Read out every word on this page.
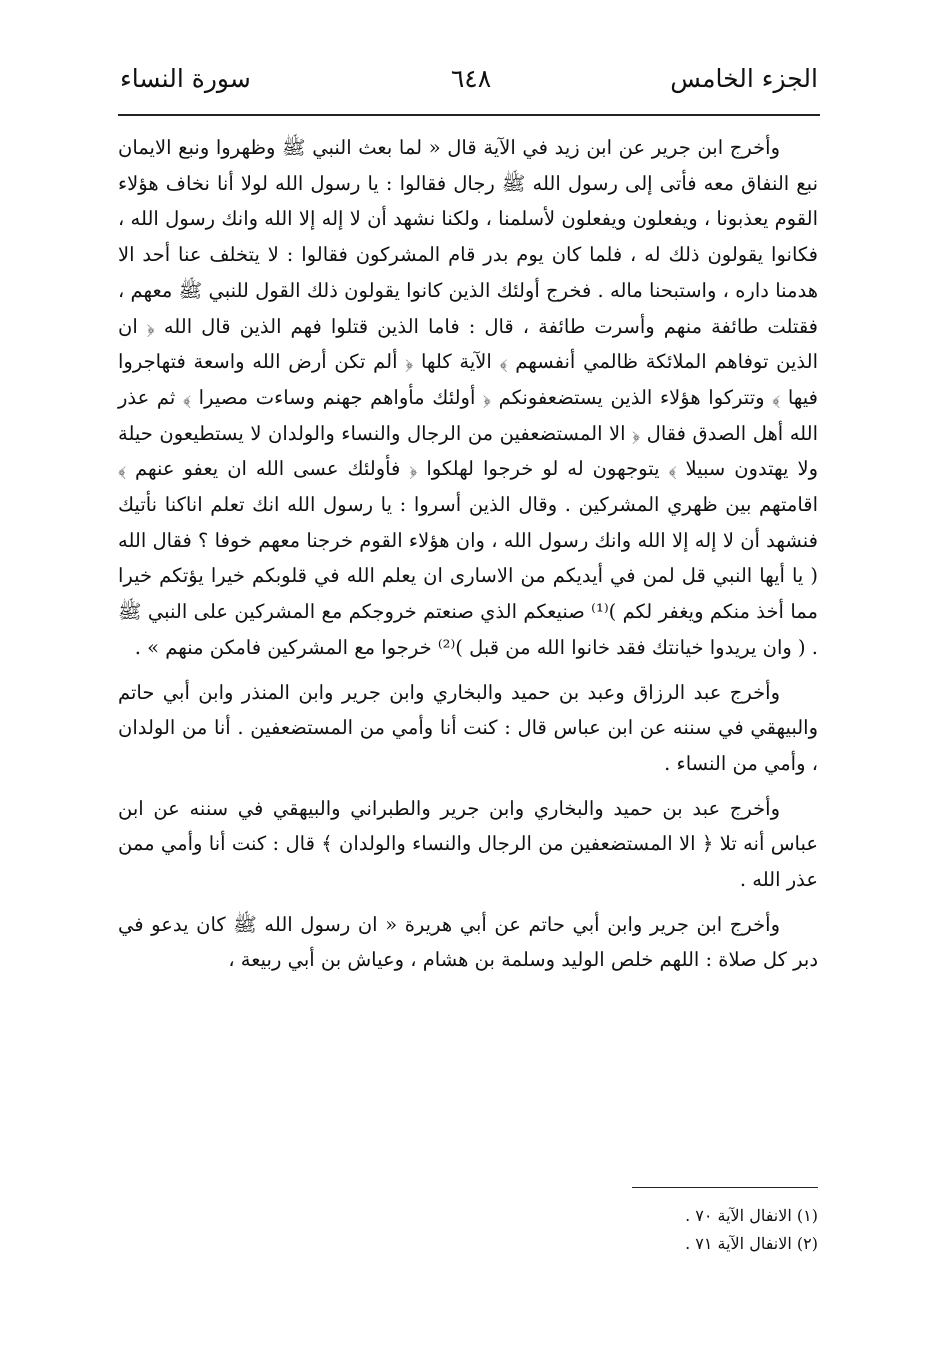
الجزء الخامس
٦٤٨
سورة النساء

وأخرج ابن جرير عن ابن زيد في الآية قال « لما بعث النبي ﷺ وظهروا ونبع الايمان نبع النفاق معه فأتى إلى رسول الله ﷺ رجال فقالوا : يا رسول الله لولا أنا نخاف هؤلاء القوم يعذبونا ، ويفعلون ويفعلون لأسلمنا ، ولكنا نشهد أن لا إله إلا الله وانك رسول الله ، فكانوا يقولون ذلك له ، فلما كان يوم بدر قام المشركون فقالوا : لا يتخلف عنا أحد الا هدمنا داره ، واستبحنا ماله . فخرج أولئك الذين كانوا يقولون ذلك القول للنبي ﷺ معهم ، فقتلت طائفة منهم وأسرت طائفة ، قال : فاما الذين قتلوا فهم الذين قال الله ﴿ ان الذين توفاهم الملائكة ظالمي أنفسهم ﴾ الآية كلها ﴿ ألم تكن أرض الله واسعة فتهاجروا فيها ﴾ وتتركوا هؤلاء الذين يستضعفونكم ﴿ أولئك مأواهم جهنم وساءت مصيرا ﴾ ثم عذر الله أهل الصدق فقال ﴿ الا المستضعفين من الرجال والنساء والولدان لا يستطيعون حيلة ولا يهتدون سبيلا ﴾ يتوجهون له لو خرجوا لهلكوا ﴿ فأولئك عسى الله ان يعفو عنهم ﴾ اقامتهم بين ظهري المشركين . وقال الذين أسروا : يا رسول الله انك تعلم اناكنا نأتيك فنشهد أن لا إله إلا الله وانك رسول الله ، وان هؤلاء القوم خرجنا معهم خوفا ؟ فقال الله ( يا أيها النبي قل لمن في أيديكم من الاسارى ان يعلم الله في قلوبكم خيرا يؤتكم خيرا مما أخذ منكم ويغفر لكم )⁽¹⁾ صنيعكم الذي صنعتم خروجكم مع المشركين على النبي ﷺ . ( وان يريدوا خيانتك فقد خانوا الله من قبل )⁽²⁾ خرجوا مع المشركين فامكن منهم » .

وأخرج عبد الرزاق وعبد بن حميد والبخاري وابن جرير وابن المنذر وابن أبي حاتم والبيهقي في سننه عن ابن عباس قال : كنت أنا وأمي من المستضعفين . أنا من الولدان ، وأمي من النساء .

وأخرج عبد بن حميد والبخاري وابن جرير والطبراني والبيهقي في سننه عن ابن عباس أنه تلا ﴿ الا المستضعفين من الرجال والنساء والولدان ﴾ قال : كنت أنا وأمي ممن عذر الله .

وأخرج ابن جرير وابن أبي حاتم عن أبي هريرة « ان رسول الله ﷺ كان يدعو في دبر كل صلاة : اللهم خلص الوليد وسلمة بن هشام ، وعياش بن أبي ربيعة ،

(١) الانفال الآية ٧٠ .
(٢) الانفال الآية ٧١ .
